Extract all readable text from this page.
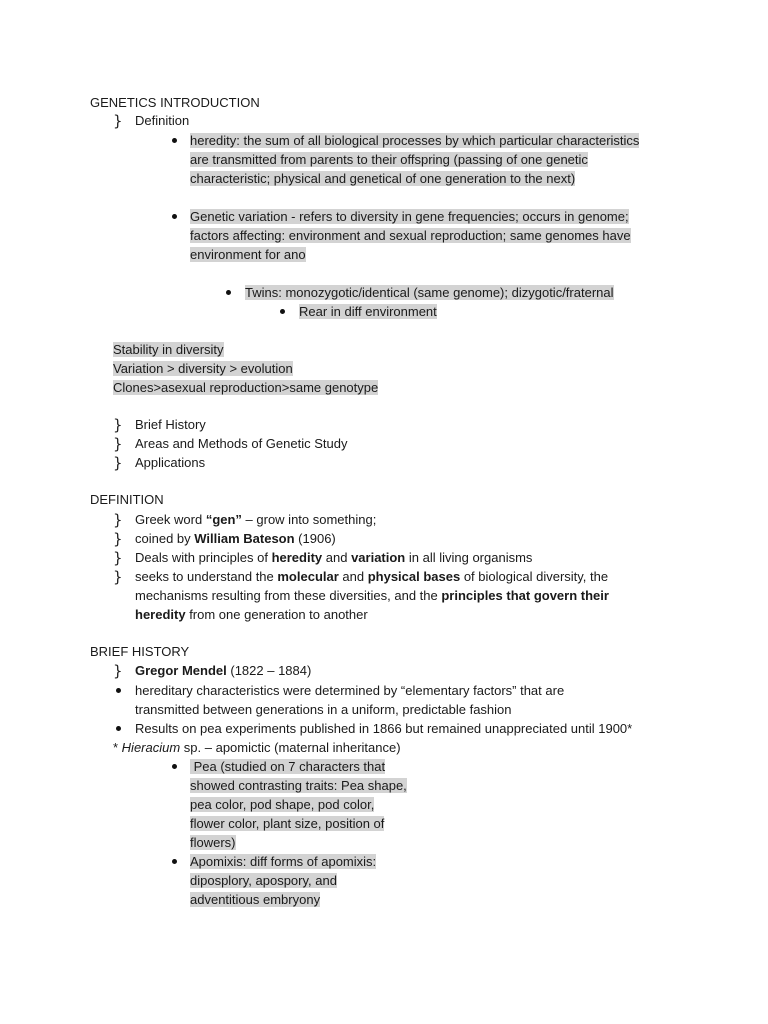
GENETICS INTRODUCTION
} Definition
heredity: the sum of all biological processes by which particular characteristics
are transmitted from parents to their offspring (passing of one genetic
characteristic; physical and genetical of one generation to the next)
Genetic variation - refers to diversity in gene frequencies; occurs in genome;
factors affecting: environment and sexual reproduction; same genomes have
environment for ano
Twins: monozygotic/identical (same genome); dizygotic/fraternal
Rear in diff environment
Stability in diversity
Variation > diversity > evolution
Clones>asexual reproduction>same genotype
} Brief History
} Areas and Methods of Genetic Study
} Applications
DEFINITION
} Greek word “gen” – grow into something;
} coined by William Bateson (1906)
} Deals with principles of heredity and variation in all living organisms
} seeks to understand the molecular and physical bases of biological diversity, the
mechanisms resulting from these diversities, and the principles that govern their
heredity from one generation to another
BRIEF HISTORY
} Gregor Mendel (1822 – 1884)
hereditary characteristics were determined by “elementary factors” that are
transmitted between generations in a uniform, predictable fashion
Results on pea experiments published in 1866 but remained unappreciated until 1900*
* Hieracium sp. – apomictic (maternal inheritance)
Pea (studied on 7 characters that
showed contrasting traits: Pea shape,
pea color, pod shape, pod color,
flower color, plant size, position of
flowers)
Apomixis: diff forms of apomixis:
diposplory, apospory, and
adventitious embryony
